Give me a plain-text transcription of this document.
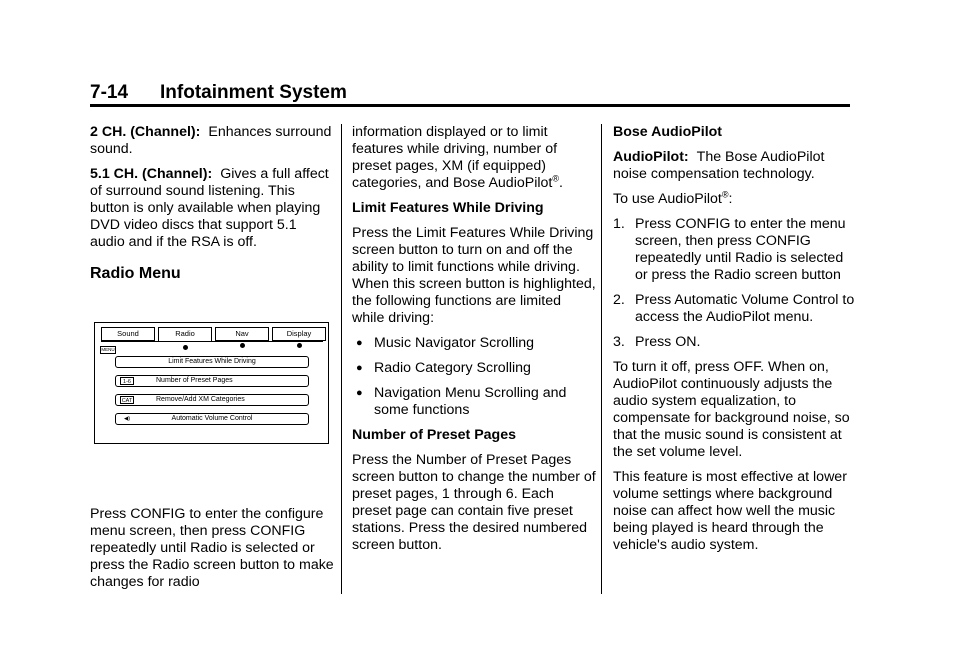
7-14 Infotainment System

2 CH. (Channel): Enhances surround sound.

5.1 CH. (Channel): Gives a full affect of surround sound listening. This button is only available when playing DVD video discs that support 5.1 audio and if the RSA is off.

Radio Menu
Sound	Radio	Nav	Display
MENU
Limit Features While Driving
1-6	Number of Preset Pages
CAT	Remove/Add XM Categories
◀)	Automatic Volume Control

Press CONFIG to enter the configure menu screen, then press CONFIG repeatedly until Radio is selected or press the Radio screen button to make changes for radio

information displayed or to limit features while driving, number of preset pages, XM (if equipped) categories, and Bose AudioPilot®.

Limit Features While Driving

Press the Limit Features While Driving screen button to turn on and off the ability to limit functions while driving. When this screen button is highlighted, the following functions are limited while driving:

● Music Navigator Scrolling
● Radio Category Scrolling
● Navigation Menu Scrolling and some functions

Number of Preset Pages

Press the Number of Preset Pages screen button to change the number of preset pages, 1 through 6. Each preset page can contain five preset stations. Press the desired numbered screen button.

Bose AudioPilot

AudioPilot: The Bose AudioPilot noise compensation technology.

To use AudioPilot®:

1. Press CONFIG to enter the menu screen, then press CONFIG repeatedly until Radio is selected or press the Radio screen button
2. Press Automatic Volume Control to access the AudioPilot menu.
3. Press ON.

To turn it off, press OFF. When on, AudioPilot continuously adjusts the audio system equalization, to compensate for background noise, so that the music sound is consistent at the set volume level.

This feature is most effective at lower volume settings where background noise can affect how well the music being played is heard through the vehicle's audio system.
